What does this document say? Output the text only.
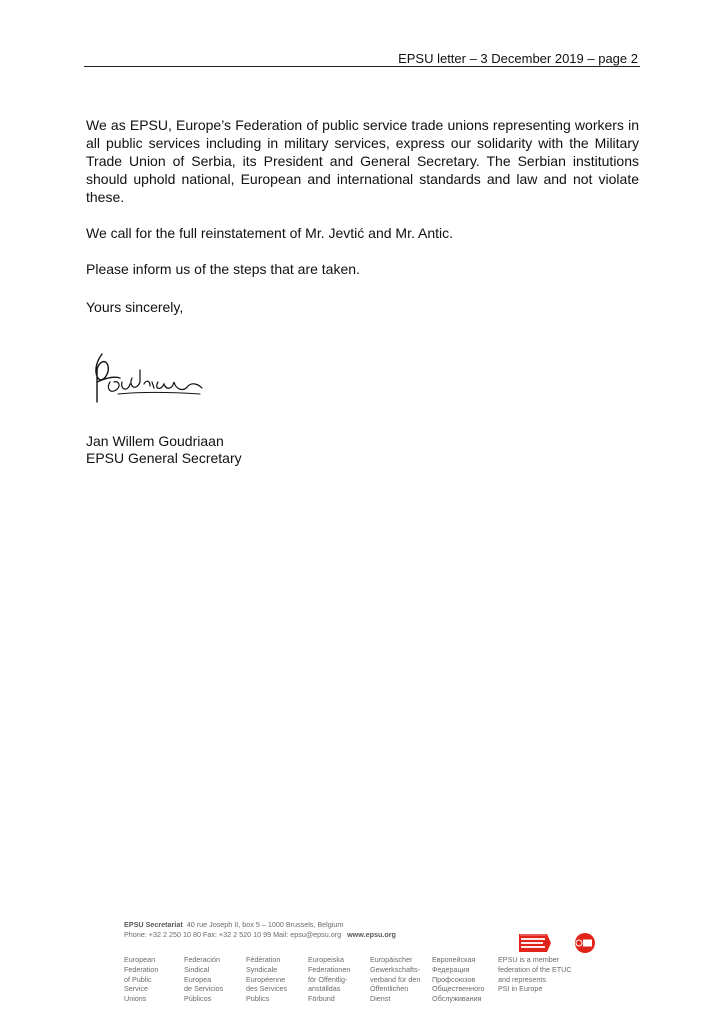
EPSU letter – 3 December 2019 – page 2

We as EPSU, Europe’s Federation of public service trade unions representing workers in all public services including in military services, express our solidarity with the Military Trade Union of Serbia, its President and General Secretary. The Serbian institutions should uphold national, European and international standards and law and not violate these.

We call for the full reinstatement of Mr. Jevtić and Mr. Antic.

Please inform us of the steps that are taken.

Yours sincerely,
Jan Willem Goudriaan
EPSU General Secretary
EPSU Secretariat 40 rue Joseph II, box 5 – 1000 Brussels, Belgium
Phone: +32 2 250 10 80 Fax: +32 2 520 10 99 Mail: epsu@epsu.org www.epsu.org
European
Federation
of Public
Service
Unions
Federación
Sindical
Europea
de Servicios
Públicos
Fédération
Syndicale
Européenne
des Services
Publics
Europeiska
Federationen
för Offentlig-
anställdas
Förbund
Europäischer
Gewerkschafts-
verband für den
Öffentlichen
Dienst
Европейская
Федерация
Профсоюзов
Общественного
Обслуживания
EPSU is a member
federation of the ETUC
and represents
PSI in Europe
